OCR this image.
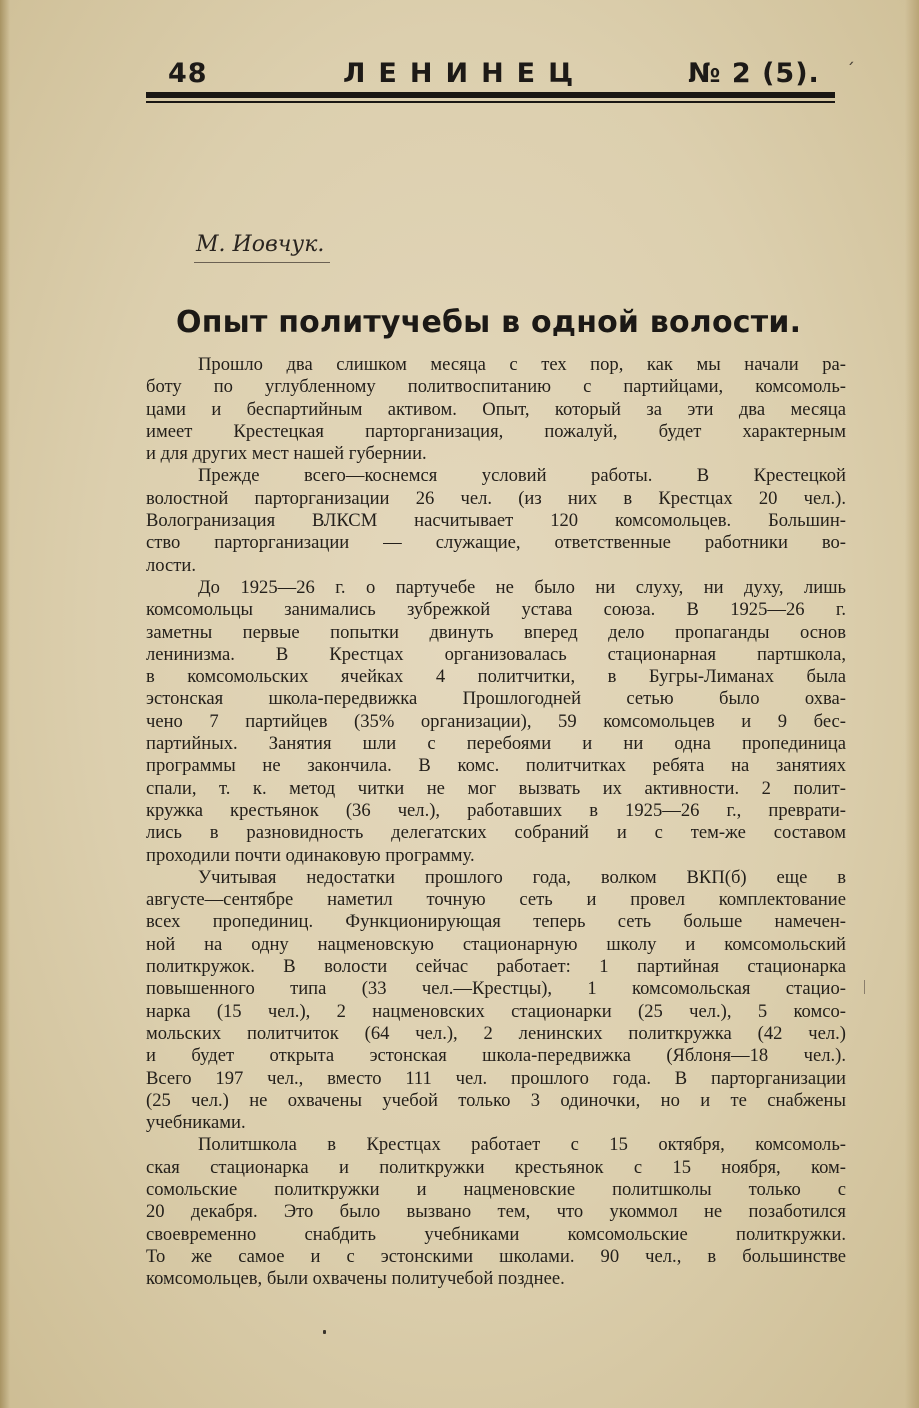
48	ЛЕНИНЕЦ	№ 2 (5). ´
М. Иовчук.
Опыт политучебы в одной волости.
Прошло два слишком месяца с тех пор, как мы начали ра-
боту по углубленному политвоспитанию с партийцами, комсомоль-
цами и беспартийным активом. Опыт, который за эти два месяца
имеет Крестецкая парторганизация, пожалуй, будет характерным
и для других мест нашей губернии.
Прежде всего—коснемся условий работы. В Крестецкой
волостной парторганизации 26 чел. (из них в Крестцах 20 чел.).
Вологранизация ВЛКСМ насчитывает 120 комсомольцев. Большин-
ство парторганизации — служащие, ответственные работники во-
лости.
До 1925—26 г. о партучебе не было ни слуху, ни духу, лишь
комсомольцы занимались зубрежкой устава союза. В 1925—26 г.
заметны первые попытки двинуть вперед дело пропаганды основ
ленинизма. В Крестцах организовалась стационарная партшкола,
в комсомольских ячейках 4 политчитки, в Бугры-Лиманах была
эстонская школа-передвижка Прошлогодней сетью было охва-
чено 7 партийцев (35% организации), 59 комсомольцев и 9 бес-
партийных. Занятия шли с перебоями и ни одна пропединица
программы не закончила. В комс. политчитках ребята на занятиях
спали, т. к. метод читки не мог вызвать их активности. 2 полит-
кружка крестьянок (36 чел.), работавших в 1925—26 г., преврати-
лись в разновидность делегатских собраний и с тем-же составом
проходили почти одинаковую программу.
Учитывая недостатки прошлого года, волком ВКП(б) еще в
августе—сентябре наметил точную сеть и провел комплектование
всех пропединиц. Функционирующая теперь сеть больше намечен-
ной на одну нацменовскую стационарную школу и комсомольский
политкружок. В волости сейчас работает: 1 партийная стационарка
повышенного типа (33 чел.—Крестцы), 1 комсомольская стацио-
нарка (15 чел.), 2 нацменовских стационарки (25 чел.), 5 комсо-
мольских политчиток (64 чел.), 2 ленинских политкружка (42 чел.)
и будет открыта эстонская школа-передвижка (Яблоня—18 чел.).
Всего 197 чел., вместо 111 чел. прошлого года. В парторганизации
(25 чел.) не охвачены учебой только 3 одиночки, но и те снабжены
учебниками.
Политшкола в Крестцах работает с 15 октября, комсомоль-
ская стационарка и политкружки крестьянок с 15 ноября, ком-
сомольские политкружки и нацменовские политшколы только с
20 декабря. Это было вызвано тем, что укоммол не позаботился
своевременно снабдить учебниками комсомольские политкружки.
То же самое и с эстонскими школами. 90 чел., в большинстве
комсомольцев, были охвачены политучебой позднее.
